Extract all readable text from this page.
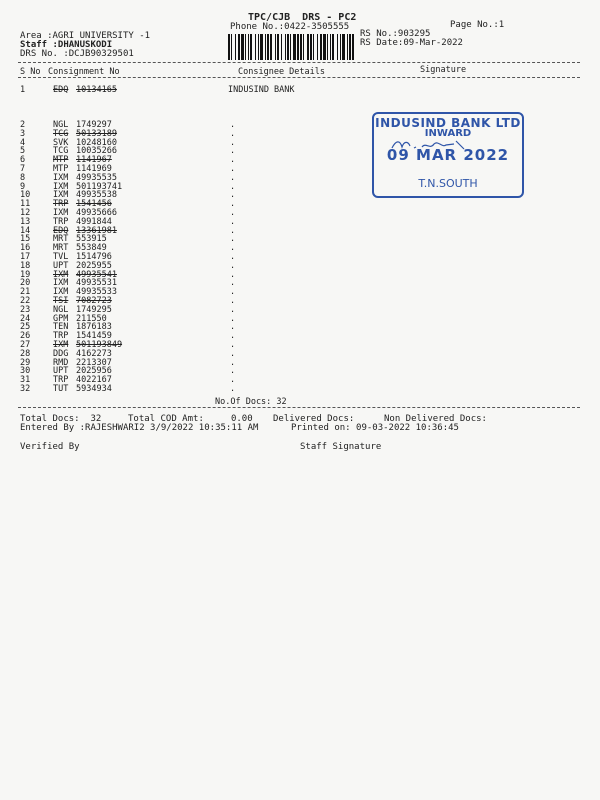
TPC/CJB  DRS - PC2
Phone No.:0422-3505555	Page No.:1
Area :AGRI UNIVERSITY -1
Staff :DHANUSKODI
DRS No. :DCJB90329501
RS No.:903295
RS Date:09-Mar-2022
S No Consignment No	Consignee Details	Signature
1	EDQ 10134165	INDUSIND BANK
2	NGL 1749297	.
3	TCG 50133189	.
4	SVK 10248160	.
5	TCG 10035266	.
6	MTP 1141967	.
7	MTP 1141969	.
8	IXM 49935535	.
9	IXM 501193741	.
10	IXM 49935538	.
11	TRP 1541456	.
12	IXM 49935666	.
13	TRP 4991844	.
14	EDQ 13361981	.
15	MRT 553915	.
16	MRT 553849	.
17	TVL 1514796	.
18	UPT 2025955	.
19	IXM 49935541	.
20	IXM 49935531	.
21	IXM 49935533	.
22	TSI 7082723	.
23	NGL 1749295	.
24	GPM 211550	.
25	TEN 1876183	.
26	TRP 1541459	.
27	IXM 501193849	.
28	DDG 4162273	.
29	RMD 2213307	.
30	UPT 2025956	.
31	TRP 4022167	.
32	TUT 5934934	.
No.Of Docs: 32
Total Docs:  32	Total COD Amt:     0.00 Delivered Docs:	Non Delivered Docs:
Entered By :RAJESHWARI2 3/9/2022 10:35:11 AM	Printed on: 09-03-2022 10:36:45
Verified By	Staff Signature
INDUSIND BANK LTD
INWARD
09 MAR 2022
T.N.SOUTH
